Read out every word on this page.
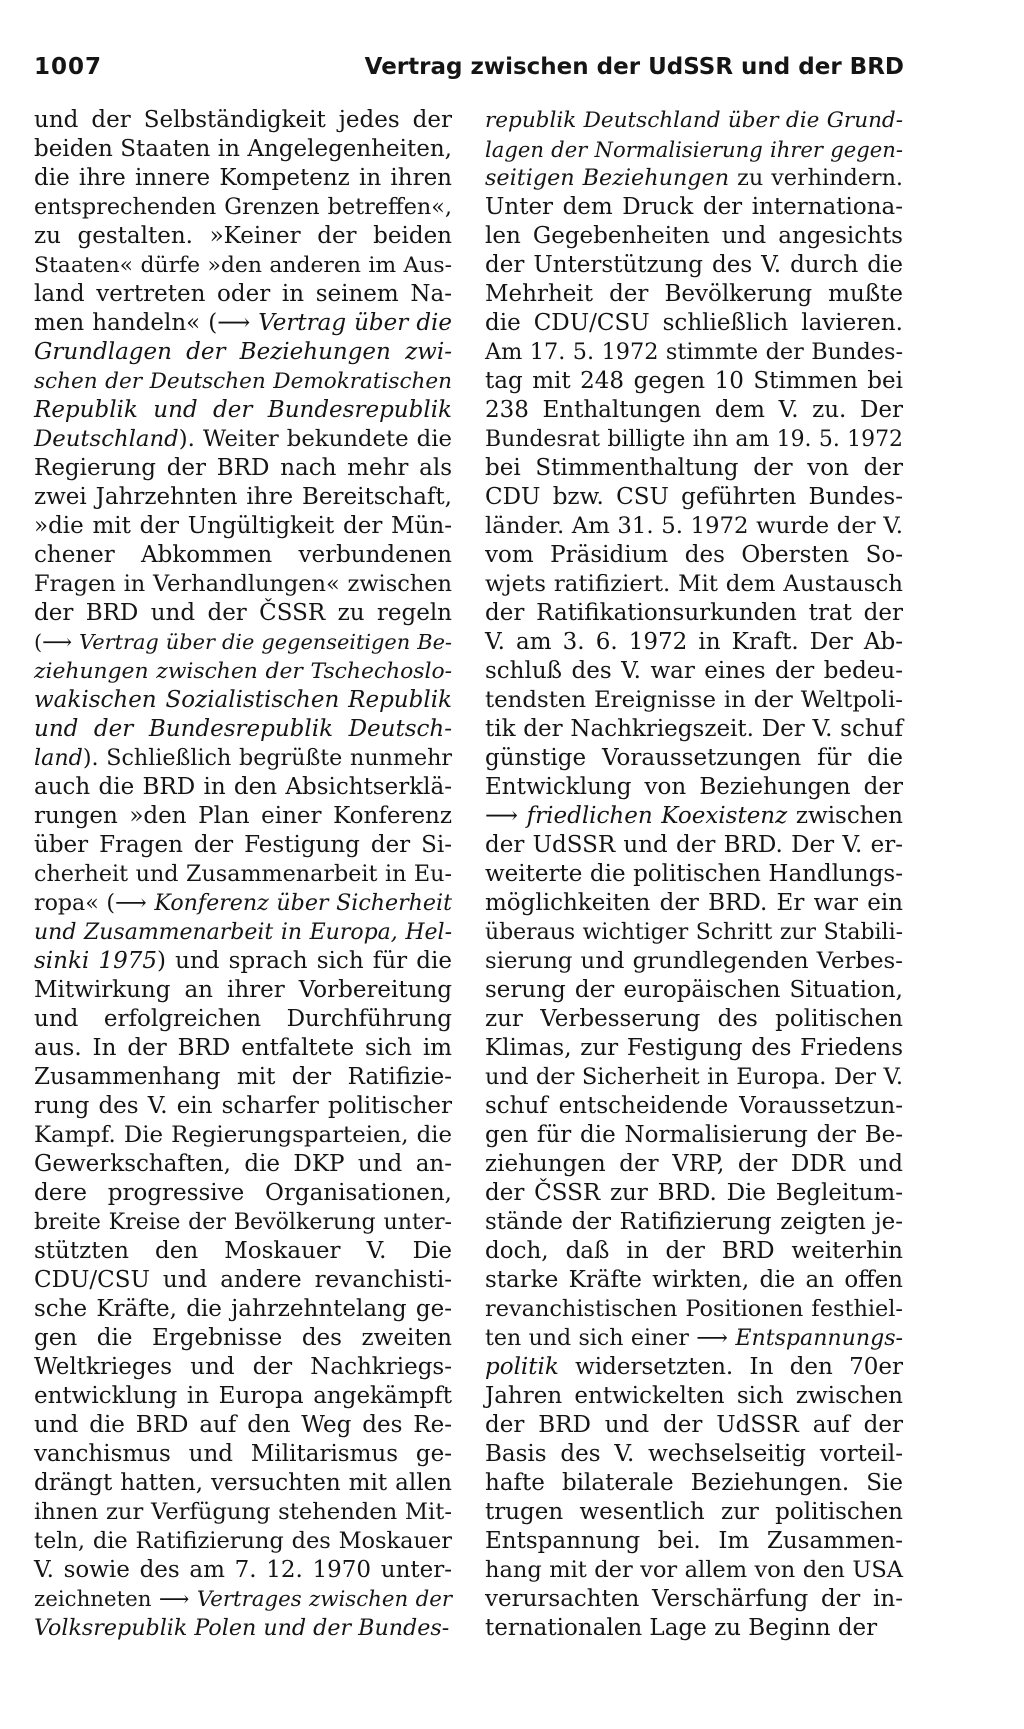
1007	Vertrag zwischen der UdSSR und der BRD
und der Selbständigkeit jedes der
beiden Staaten in Angelegenheiten,
die ihre innere Kompetenz in ihren
entsprechenden Grenzen betreffen«,
zu gestalten. »Keiner der beiden
Staaten« dürfe »den anderen im Aus-
land vertreten oder in seinem Na-
men handeln« (⟶ Vertrag über die
Grundlagen der Beziehungen zwi-
schen der Deutschen Demokratischen
Republik und der Bundesrepublik
Deutschland). Weiter bekundete die
Regierung der BRD nach mehr als
zwei Jahrzehnten ihre Bereitschaft,
»die mit der Ungültigkeit der Mün-
chener Abkommen verbundenen
Fragen in Verhandlungen« zwischen
der BRD und der ČSSR zu regeln
(⟶ Vertrag über die gegenseitigen Be-
ziehungen zwischen der Tschechoslo-
wakischen Sozialistischen Republik
und der Bundesrepublik Deutsch-
land). Schließlich begrüßte nunmehr
auch die BRD in den Absichtserklä-
rungen »den Plan einer Konferenz
über Fragen der Festigung der Si-
cherheit und Zusammenarbeit in Eu-
ropa« (⟶ Konferenz über Sicherheit
und Zusammenarbeit in Europa, Hel-
sinki 1975) und sprach sich für die
Mitwirkung an ihrer Vorbereitung
und erfolgreichen Durchführung
aus. In der BRD entfaltete sich im
Zusammenhang mit der Ratifizie-
rung des V. ein scharfer politischer
Kampf. Die Regierungsparteien, die
Gewerkschaften, die DKP und an-
dere progressive Organisationen,
breite Kreise der Bevölkerung unter-
stützten den Moskauer V. Die
CDU/CSU und andere revanchisti-
sche Kräfte, die jahrzehntelang ge-
gen die Ergebnisse des zweiten
Weltkrieges und der Nachkriegs-
entwicklung in Europa angekämpft
und die BRD auf den Weg des Re-
vanchismus und Militarismus ge-
drängt hatten, versuchten mit allen
ihnen zur Verfügung stehenden Mit-
teln, die Ratifizierung des Moskauer
V. sowie des am 7. 12. 1970 unter-
zeichneten ⟶ Vertrages zwischen der
Volksrepublik Polen und der Bundes-
republik Deutschland über die Grund-
lagen der Normalisierung ihrer gegen-
seitigen Beziehungen zu verhindern.
Unter dem Druck der internationa-
len Gegebenheiten und angesichts
der Unterstützung des V. durch die
Mehrheit der Bevölkerung mußte
die CDU/CSU schließlich lavieren.
Am 17. 5. 1972 stimmte der Bundes-
tag mit 248 gegen 10 Stimmen bei
238 Enthaltungen dem V. zu. Der
Bundesrat billigte ihn am 19. 5. 1972
bei Stimmenthaltung der von der
CDU bzw. CSU geführten Bundes-
länder. Am 31. 5. 1972 wurde der V.
vom Präsidium des Obersten So-
wjets ratifiziert. Mit dem Austausch
der Ratifikationsurkunden trat der
V. am 3. 6. 1972 in Kraft. Der Ab-
schluß des V. war eines der bedeu-
tendsten Ereignisse in der Weltpoli-
tik der Nachkriegszeit. Der V. schuf
günstige Voraussetzungen für die
Entwicklung von Beziehungen der
⟶ friedlichen Koexistenz zwischen
der UdSSR und der BRD. Der V. er-
weiterte die politischen Handlungs-
möglichkeiten der BRD. Er war ein
überaus wichtiger Schritt zur Stabili-
sierung und grundlegenden Verbes-
serung der europäischen Situation,
zur Verbesserung des politischen
Klimas, zur Festigung des Friedens
und der Sicherheit in Europa. Der V.
schuf entscheidende Voraussetzun-
gen für die Normalisierung der Be-
ziehungen der VRP, der DDR und
der ČSSR zur BRD. Die Begleitum-
stände der Ratifizierung zeigten je-
doch, daß in der BRD weiterhin
starke Kräfte wirkten, die an offen
revanchistischen Positionen festhiel-
ten und sich einer ⟶ Entspannungs-
politik widersetzten. In den 70er
Jahren entwickelten sich zwischen
der BRD und der UdSSR auf der
Basis des V. wechselseitig vorteil-
hafte bilaterale Beziehungen. Sie
trugen wesentlich zur politischen
Entspannung bei. Im Zusammen-
hang mit der vor allem von den USA
verursachten Verschärfung der in-
ternationalen Lage zu Beginn der
